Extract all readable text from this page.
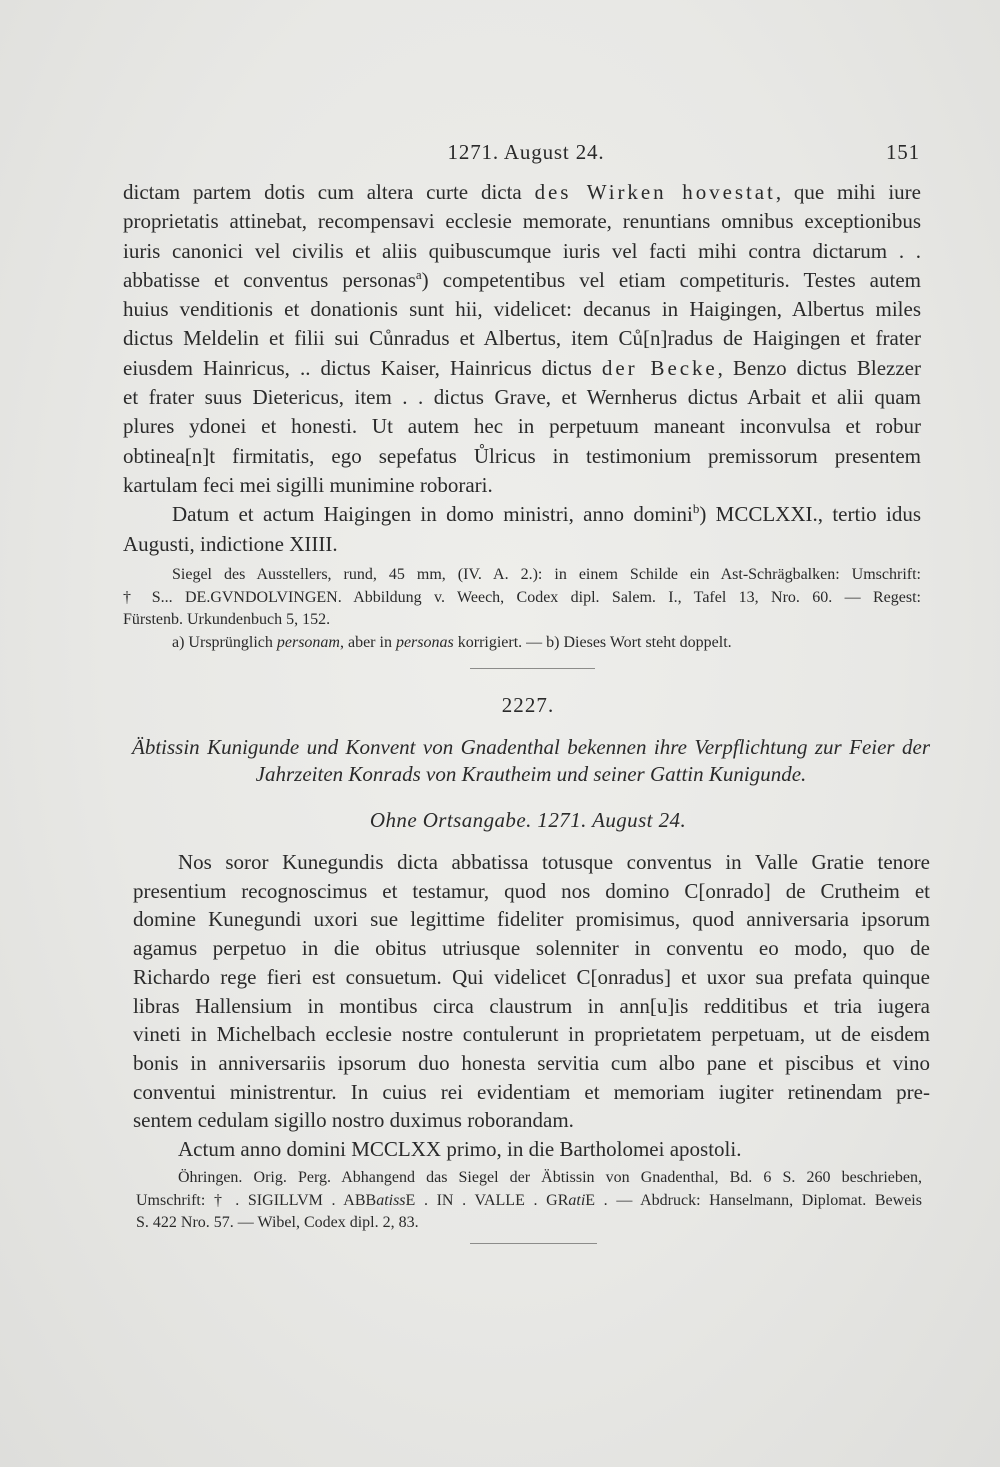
1271. August 24.	151
dictam partem dotis cum altera curte dicta des Wirken hovestat, que mihi iure
proprietatis attinebat, recompensavi ecclesie memorate, renuntians omnibus exceptionibus
iuris canonici vel civilis et aliis quibuscumque iuris vel facti mihi contra dictarum . .
abbatisse et conventus personas$^a$) competentibus vel etiam competituris. Testes autem
huius venditionis et donationis sunt hii, videlicet: decanus in Haigingen, Albertus miles
dictus Meldelin et filii sui Cůnradus et Albertus, item Ců[n]radus de Haigingen et frater
eiusdem Hainricus, .. dictus Kaiser, Hainricus dictus der Becke, Benzo dictus Blezzer
et frater suus Dietericus, item . . dictus Grave, et Wernherus dictus Arbait et alii quam
plures ydonei et honesti. Ut autem hec in perpetuum maneant inconvulsa et robur
obtinea[n]t firmitatis, ego sepefatus Ůlricus in testimonium premissorum presentem
kartulam feci mei sigilli munimine roborari.
Datum et actum Haigingen in domo ministri, anno domini$^b$) MCCLXXI., tertio idus
Augusti, indictione XIIII.
Siegel des Ausstellers, rund, 45 mm, (IV. A. 2.): in einem Schilde ein Ast-Schrägbalken: Umschrift:
† S... DE.GVNDOLVINGEN. Abbildung v. Weech, Codex dipl. Salem. I., Tafel 13, Nro. 60. — Regest:
Fürstenb. Urkundenbuch 5, 152.
a) Ursprünglich personam, aber in personas korrigiert. — b) Dieses Wort steht doppelt.
2227.
Äbtissin Kunigunde und Konvent von Gnadenthal bekennen ihre Verpflichtung zur Feier der
Jahrzeiten Konrads von Krautheim und seiner Gattin Kunigunde.
Ohne Ortsangabe. 1271. August 24.
Nos soror Kunegundis dicta abbatissa totusque conventus in Valle Gratie tenore
presentium recognoscimus et testamur, quod nos domino C[onrado] de Crutheim et
domine Kunegundi uxori sue legittime fideliter promisimus, quod anniversaria ipsorum
agamus perpetuo in die obitus utriusque solenniter in conventu eo modo, quo de
Richardo rege fieri est consuetum. Qui videlicet C[onradus] et uxor sua prefata quinque
libras Hallensium in montibus circa claustrum in ann[u]is redditibus et tria iugera
vineti in Michelbach ecclesie nostre contulerunt in proprietatem perpetuam, ut de eisdem
bonis in anniversariis ipsorum duo honesta servitia cum albo pane et piscibus et vino
conventui ministrentur. In cuius rei evidentiam et memoriam iugiter retinendam pre-
sentem cedulam sigillo nostro duximus roborandam.
Actum anno domini MCCLXX primo, in die Bartholomei apostoli.
Öhringen. Orig. Perg. Abhangend das Siegel der Äbtissin von Gnadenthal, Bd. 6 S. 260 beschrieben,
Umschrift: † . SIGILLVM . ABBatissE . IN . VALLE . GRatiE . — Abdruck: Hanselmann, Diplomat. Beweis
S. 422 Nro. 57. — Wibel, Codex dipl. 2, 83.
